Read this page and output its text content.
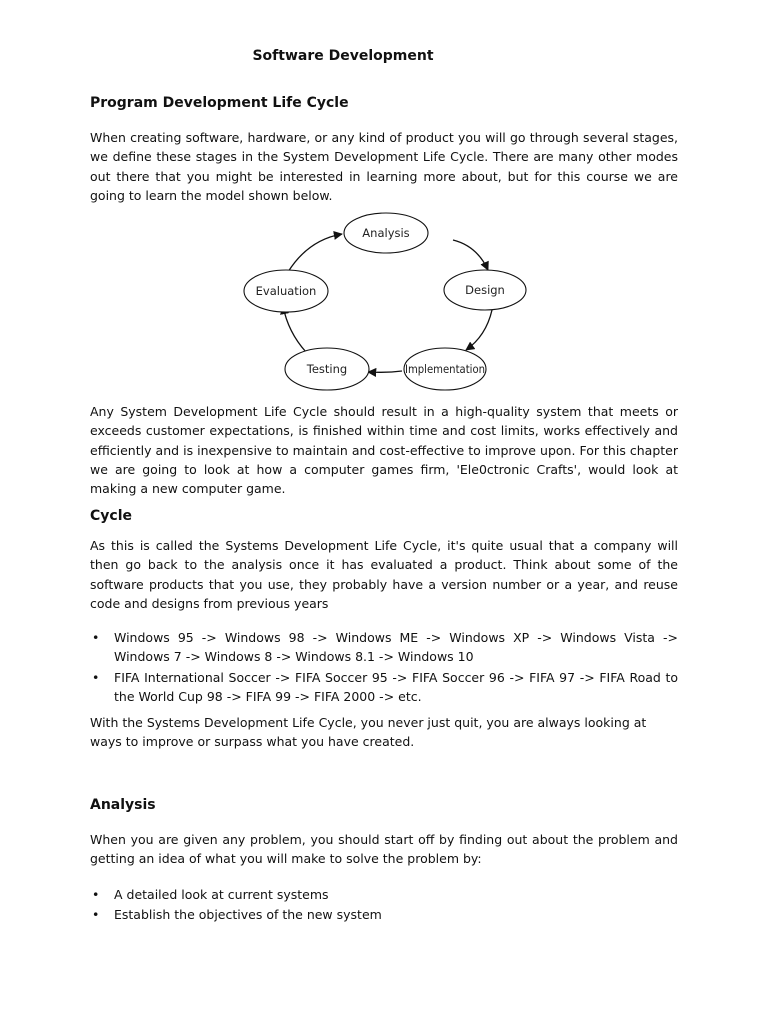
Software Development
Program Development Life Cycle

When creating software, hardware, or any kind of product you will go through several stages, we define these stages in the System Development Life Cycle. There are many other modes out there that you might be interested in learning more about, but for this course we are going to learn the model shown below.

Analysis
Design
Implementation
Testing
Evaluation

Any System Development Life Cycle should result in a high-quality system that meets or exceeds customer expectations, is finished within time and cost limits, works effectively and efficiently and is inexpensive to maintain and cost-effective to improve upon. For this chapter we are going to look at how a computer games firm, 'Ele0ctronic Crafts', would look at making a new computer game.

Cycle

As this is called the Systems Development Life Cycle, it's quite usual that a company will then go back to the analysis once it has evaluated a product. Think about some of the software products that you use, they probably have a version number or a year, and reuse code and designs from previous years

• Windows 95 -> Windows 98 -> Windows ME -> Windows XP -> Windows Vista -> Windows 7 -> Windows 8 -> Windows 8.1 -> Windows 10
• FIFA International Soccer -> FIFA Soccer 95 -> FIFA Soccer 96 -> FIFA 97 -> FIFA Road to the World Cup 98 -> FIFA 99 -> FIFA 2000 -> etc.

With the Systems Development Life Cycle, you never just quit, you are always looking at ways to improve or surpass what you have created.

Analysis

When you are given any problem, you should start off by finding out about the problem and getting an idea of what you will make to solve the problem by:

• A detailed look at current systems
• Establish the objectives of the new system
